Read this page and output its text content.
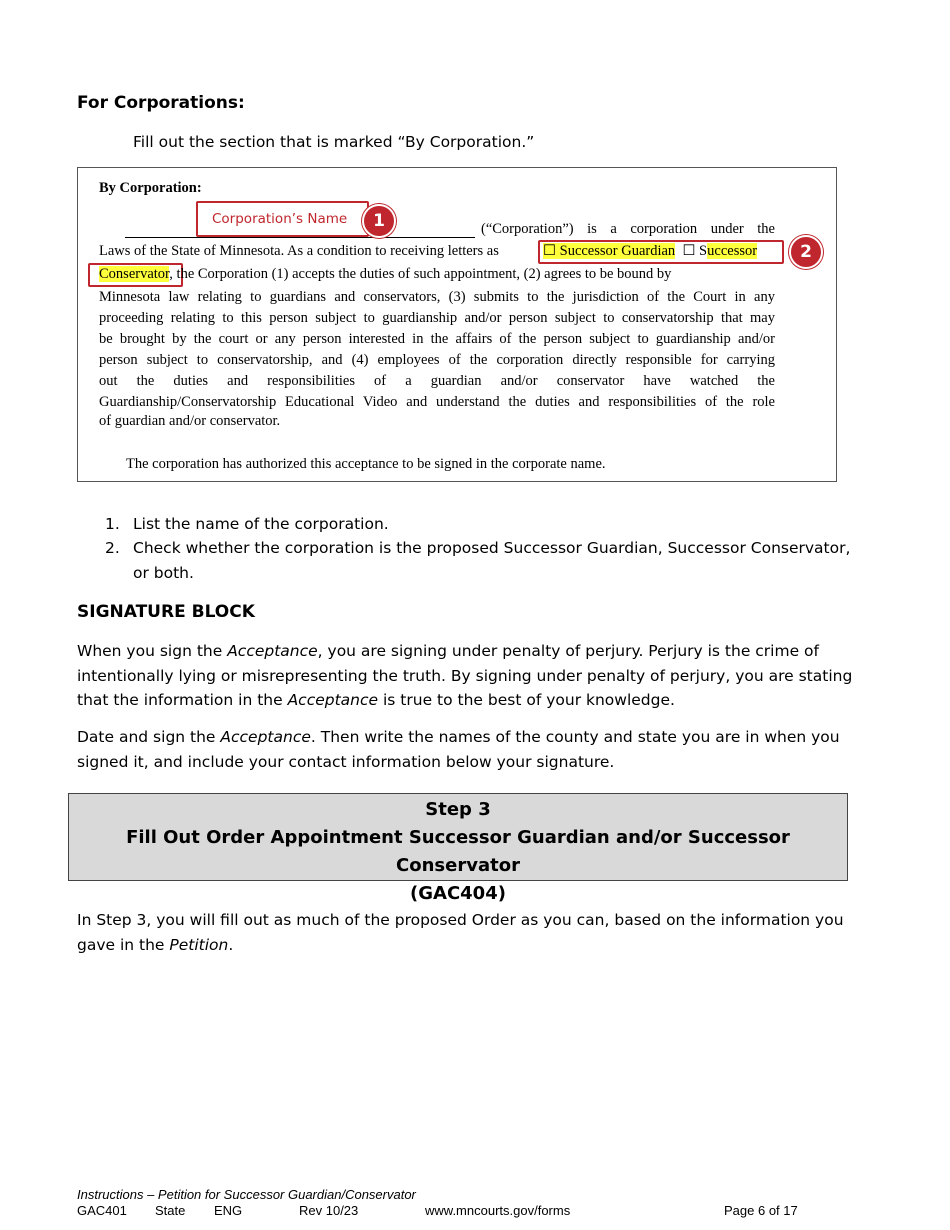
For Corporations:
Fill out the section that is marked “By Corporation.”
By Corporation:
(“Corporation”) is a corporation under the
Corporation’s Name	1
Laws of the State of Minnesota. As a condition to receiving letters as	☐ Successor Guardian ☐ Successor	2
Conservator, the Corporation (1) accepts the duties of such appointment, (2) agrees to be bound by
Minnesota law relating to guardians and conservators, (3) submits to the jurisdiction of the Court in any
proceeding relating to this person subject to guardianship and/or person subject to conservatorship that may
be brought by the court or any person interested in the affairs of the person subject to guardianship and/or
person subject to conservatorship, and (4) employees of the corporation directly responsible for carrying
out the duties and responsibilities of a guardian and/or conservator have watched the
Guardianship/Conservatorship Educational Video and understand the duties and responsibilities of the role
of guardian and/or conservator.
The corporation has authorized this acceptance to be signed in the corporate name.
1. List the name of the corporation.
2. Check whether the corporation is the proposed Successor Guardian, Successor Conservator,
or both.
SIGNATURE BLOCK
When you sign the Acceptance, you are signing under penalty of perjury. Perjury is the crime of
intentionally lying or misrepresenting the truth. By signing under penalty of perjury, you are stating
that the information in the Acceptance is true to the best of your knowledge.
Date and sign the Acceptance. Then write the names of the county and state you are in when you
signed it, and include your contact information below your signature.
Step 3
Fill Out Order Appointment Successor Guardian and/or Successor Conservator
(GAC404)
In Step 3, you will fill out as much of the proposed Order as you can, based on the information you
gave in the Petition.
Instructions – Petition for Successor Guardian/Conservator
GAC401 State ENG	Rev 10/23	www.mncourts.gov/forms	Page 6 of 17
